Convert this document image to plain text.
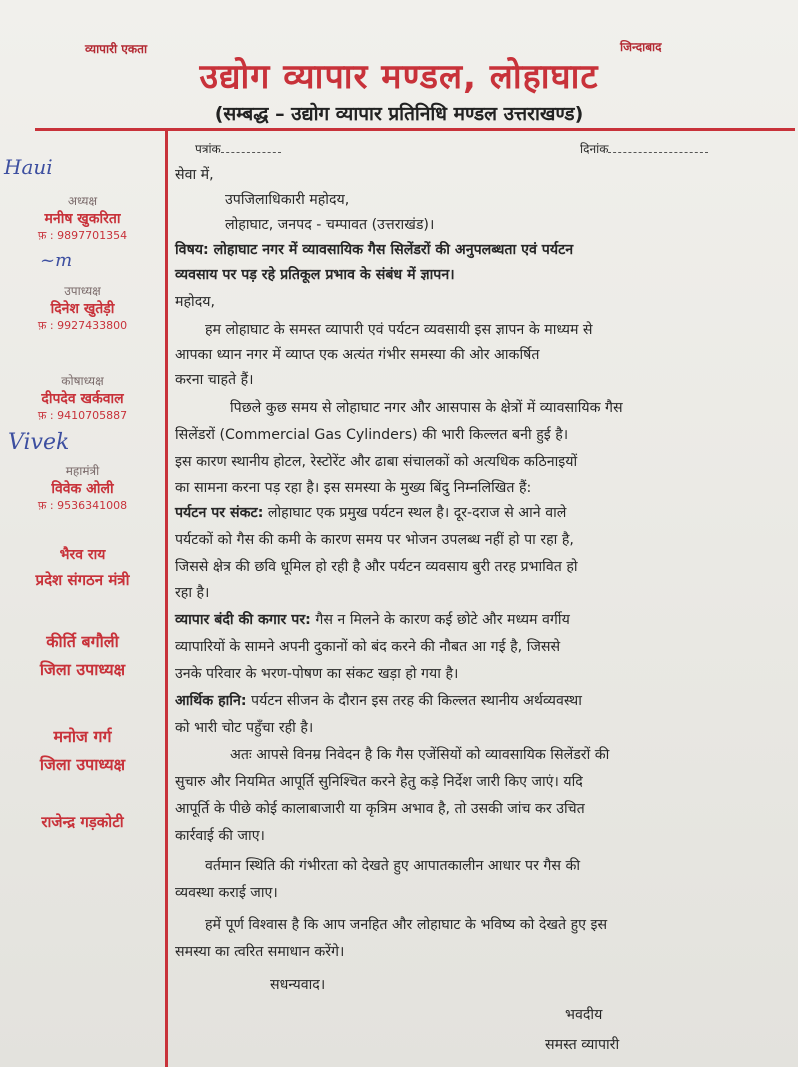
व्यापारी एकता	जिन्दाबाद
उद्योग व्यापार मण्डल, लोहाघाट
(सम्बद्ध – उद्योग व्यापार प्रतिनिधि मण्डल उत्तराखण्ड)
Haui
अध्यक्ष
मनीष खुकरिता
फ़ : 9897701354
~m
उपाध्यक्ष
दिनेश खुतेड़ी
फ़ : 9927433800
कोषाध्यक्ष
दीपदेव खर्कवाल
फ़ : 9410705887
Vivek
महामंत्री
विवेक ओली
फ़ : 9536341008
भैरव राय
प्रदेश संगठन मंत्री
कीर्ति बगौली
जिला उपाध्यक्ष
मनोज गर्ग
जिला उपाध्यक्ष
राजेन्द्र गड़कोटी
पत्रांक	दिनांक
सेवा में,
उपजिलाधिकारी महोदय,
लोहाघाट, जनपद - चम्पावत (उत्तराखंड)।
विषय: लोहाघाट नगर में व्यावसायिक गैस सिलेंडरों की अनुपलब्धता एवं पर्यटन
व्यवसाय पर पड़ रहे प्रतिकूल प्रभाव के संबंध में ज्ञापन।
महोदय,
हम लोहाघाट के समस्त व्यापारी एवं पर्यटन व्यवसायी इस ज्ञापन के माध्यम से
आपका ध्यान नगर में व्याप्त एक अत्यंत गंभीर समस्या की ओर आकर्षित
करना चाहते हैं।
पिछले कुछ समय से लोहाघाट नगर और आसपास के क्षेत्रों में व्यावसायिक गैस
सिलेंडरों (Commercial Gas Cylinders) की भारी किल्लत बनी हुई है।
इस कारण स्थानीय होटल, रेस्टोरेंट और ढाबा संचालकों को अत्यधिक कठिनाइयों
का सामना करना पड़ रहा है। इस समस्या के मुख्य बिंदु निम्नलिखित हैं:
पर्यटन पर संकट: लोहाघाट एक प्रमुख पर्यटन स्थल है। दूर-दराज से आने वाले
पर्यटकों को गैस की कमी के कारण समय पर भोजन उपलब्ध नहीं हो पा रहा है,
जिससे क्षेत्र की छवि धूमिल हो रही है और पर्यटन व्यवसाय बुरी तरह प्रभावित हो
रहा है।
व्यापार बंदी की कगार पर: गैस न मिलने के कारण कई छोटे और मध्यम वर्गीय
व्यापारियों के सामने अपनी दुकानों को बंद करने की नौबत आ गई है, जिससे
उनके परिवार के भरण-पोषण का संकट खड़ा हो गया है।
आर्थिक हानि: पर्यटन सीजन के दौरान इस तरह की किल्लत स्थानीय अर्थव्यवस्था
को भारी चोट पहुँचा रही है।
अतः आपसे विनम्र निवेदन है कि गैस एजेंसियों को व्यावसायिक सिलेंडरों की
सुचारु और नियमित आपूर्ति सुनिश्चित करने हेतु कड़े निर्देश जारी किए जाएं। यदि
आपूर्ति के पीछे कोई कालाबाजारी या कृत्रिम अभाव है, तो उसकी जांच कर उचित
कार्रवाई की जाए।
वर्तमान स्थिति की गंभीरता को देखते हुए आपातकालीन आधार पर गैस की
व्यवस्था कराई जाए।
हमें पूर्ण विश्वास है कि आप जनहित और लोहाघाट के भविष्य को देखते हुए इस
समस्या का त्वरित समाधान करेंगे।
सधन्यवाद।
भवदीय
समस्त व्यापारी
